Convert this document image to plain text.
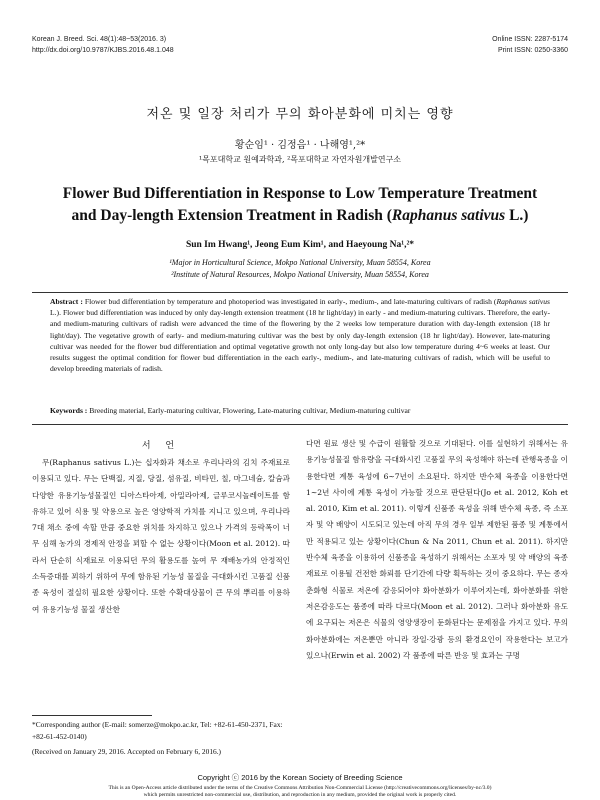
Korean J. Breed. Sci. 48(1):48~53(2016. 3)
http://dx.doi.org/10.9787/KJBS.2016.48.1.048
Online ISSN: 2287-5174
Print ISSN: 0250-3360
저온 및 일장 처리가 무의 화아분화에 미치는 영향
황순임¹ · 김정음¹ · 나해영¹,²*
¹목포대학교 원예과학과, ²목포대학교 자연자원개발연구소
Flower Bud Differentiation in Response to Low Temperature Treatment and Day-length Extension Treatment in Radish (Raphanus sativus L.)
Sun Im Hwang¹, Jeong Eum Kim¹, and Haeyoung Na¹,²*
¹Major in Horticultural Science, Mokpo National University, Muan 58554, Korea
²Institute of Natural Resources, Mokpo National University, Muan 58554, Korea
Abstract : Flower bud differentiation by temperature and photoperiod was investigated in early-, medium-, and late-maturing cultivars of radish (Raphanus sativus L.). Flower bud differentiation was induced by only day-length extension treatment (18 hr light/day) in early - and medium-maturing cultivars. Therefore, the early- and medium-maturing cultivars of radish were advanced the time of the flowering by the 2 weeks low temperature duration with day-length extension (18 hr light/day). The vegetative growth of early- and medium-maturing cultivar was the best by only day-length extension (18 hr light/day). However, late-maturing cultivar was needed for the flower bud differentiation and optimal vegetative growth not only long-day but also low temperature during 4~6 weeks at least. Our results suggest the optimal condition for flower bud differentiation in the each early-, medium-, and late-maturing cultivars of radish, which will be useful to develop breeding materials of radish.
Keywords : Breeding material, Early-maturing cultivar, Flowering, Late-maturing cultivar, Medium-maturing cultivar
서 언

무(Raphanus sativus L.)는 십자화과 채소로 우리나라의 김치 주재료로 이용되고 있다. 무는 단백질, 지질, 당질, 섬유질, 비타민, 칠, 마그네슘, 칼슘과 다양한 유용기능성물질인 디아스타아제, 아밀라아제, 글루코시놀레이트를 함유하고 있어 식용 및 약용으로 높은 영양학적 가치를 지니고 있으며, 우리나라 7대 채소 중에 속할 만큼 중요한 위치를 차지하고 있으나 가격의 등락폭이 너무 심해 농가의 경제적 안정을 꾀할 수 없는 상황이다(Moon et al. 2012). 따라서 단순히 식재료로 이용되던 무의 활용도를 높여 무 재배농가의 안정적인 소득증대를 꾀하기 위하여 무에 함유된 기능성 물질을 극대화시킨 고품질 신품종 육성이 절실히 필요한 상황이다. 또한 수확대상물이 큰 무의 뿌리를 이용하여 유용기능성 물질 생산한

다면 원료 생산 및 수급이 원활할 것으로 기대된다. 이를 실현하기 위해서는 유용기능성물질 함유량을 극대화시킨 고품질 무의 육성해야 하는데 관행육종을 이용한다면 계통 육성에 6∼7년이 소요된다. 하지만 반수체 육종을 이용한다면 1∼2년 사이에 계통 육성이 가능할 것으로 판단된다(Jo et al. 2012, Koh et al. 2010, Kim et al. 2011). 이렇게 신품종 육성을 위해 반수체 육종, 즉 소포자 및 약 배양이 시도되고 있는데 아직 무의 경우 일부 제한된 품종 및 계통에서만 적용되고 있는 상황이다(Chun & Na 2011, Chun et al. 2011). 하지만 반수체 육종을 이용하여 신품종을 육성하기 위해서는 소포자 및 약 배양의 육종재료로 이용될 건전한 화뢰를 단기간에 다량 획득하는 것이 중요하다. 무는 종자춘화형 식물로 저온에 감응되어야 화아분화가 이루어지는데, 화아분화를 위한 저온감응도는 품종에 따라 다르다(Moon et al. 2012). 그러나 화아분화 유도에 요구되는 저온은 식물의 영양생장이 둔화된다는 문제점을 가지고 있다. 무의 화아분화에는 저온뿐만 아니라 장일·강광 등의 환경요인이 작용한다는 보고가 있으나(Erwin et al. 2002) 각 품종에 따른 반응 및 효과는 구명

*Corresponding author (E-mail: somerze@mokpo.ac.kr, Tel: +82-61-450-2371, Fax: +82-61-452-0140)
(Received on January 29, 2016. Accepted on February 6, 2016.)
Copyright ⓒ 2016 by the Korean Society of Breeding Science
This is an Open-Access article distributed under the terms of the Creative Commons Attribution Non-Commercial License (http://creativecommons.org/licenses/by-nc/3.0)
which permits unrestricted non-commercial use, distribution, and reproduction in any medium, provided the original work is properly cited.
